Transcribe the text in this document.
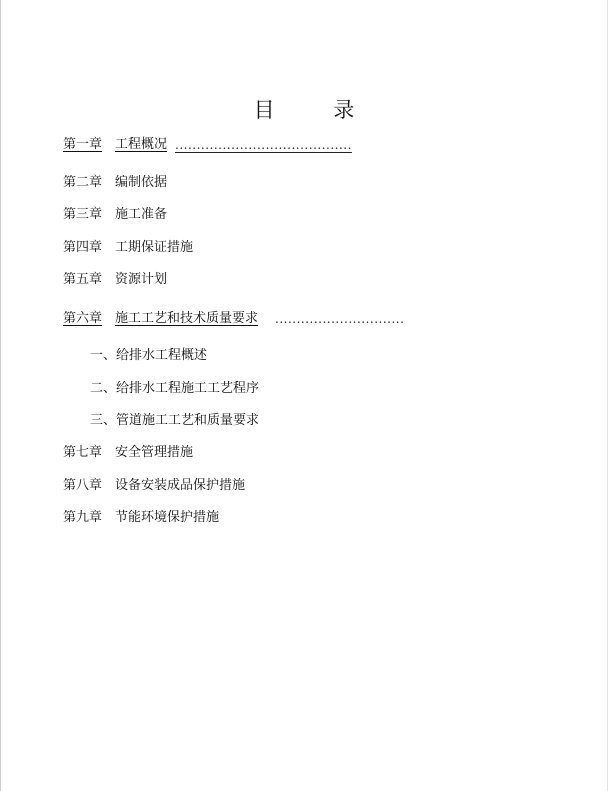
目 录
第一章 工程概况 .........................................
第二章 编制依据
第三章 施工准备
第四章 工期保证措施
第五章 资源计划
第六章 施工工艺和技术质量要求 ..............................
一、给排水工程概述
二、给排水工程施工工艺程序
三、管道施工工艺和质量要求
第七章 安全管理措施
第八章 设备安装成品保护措施
第九章 节能环境保护措施
